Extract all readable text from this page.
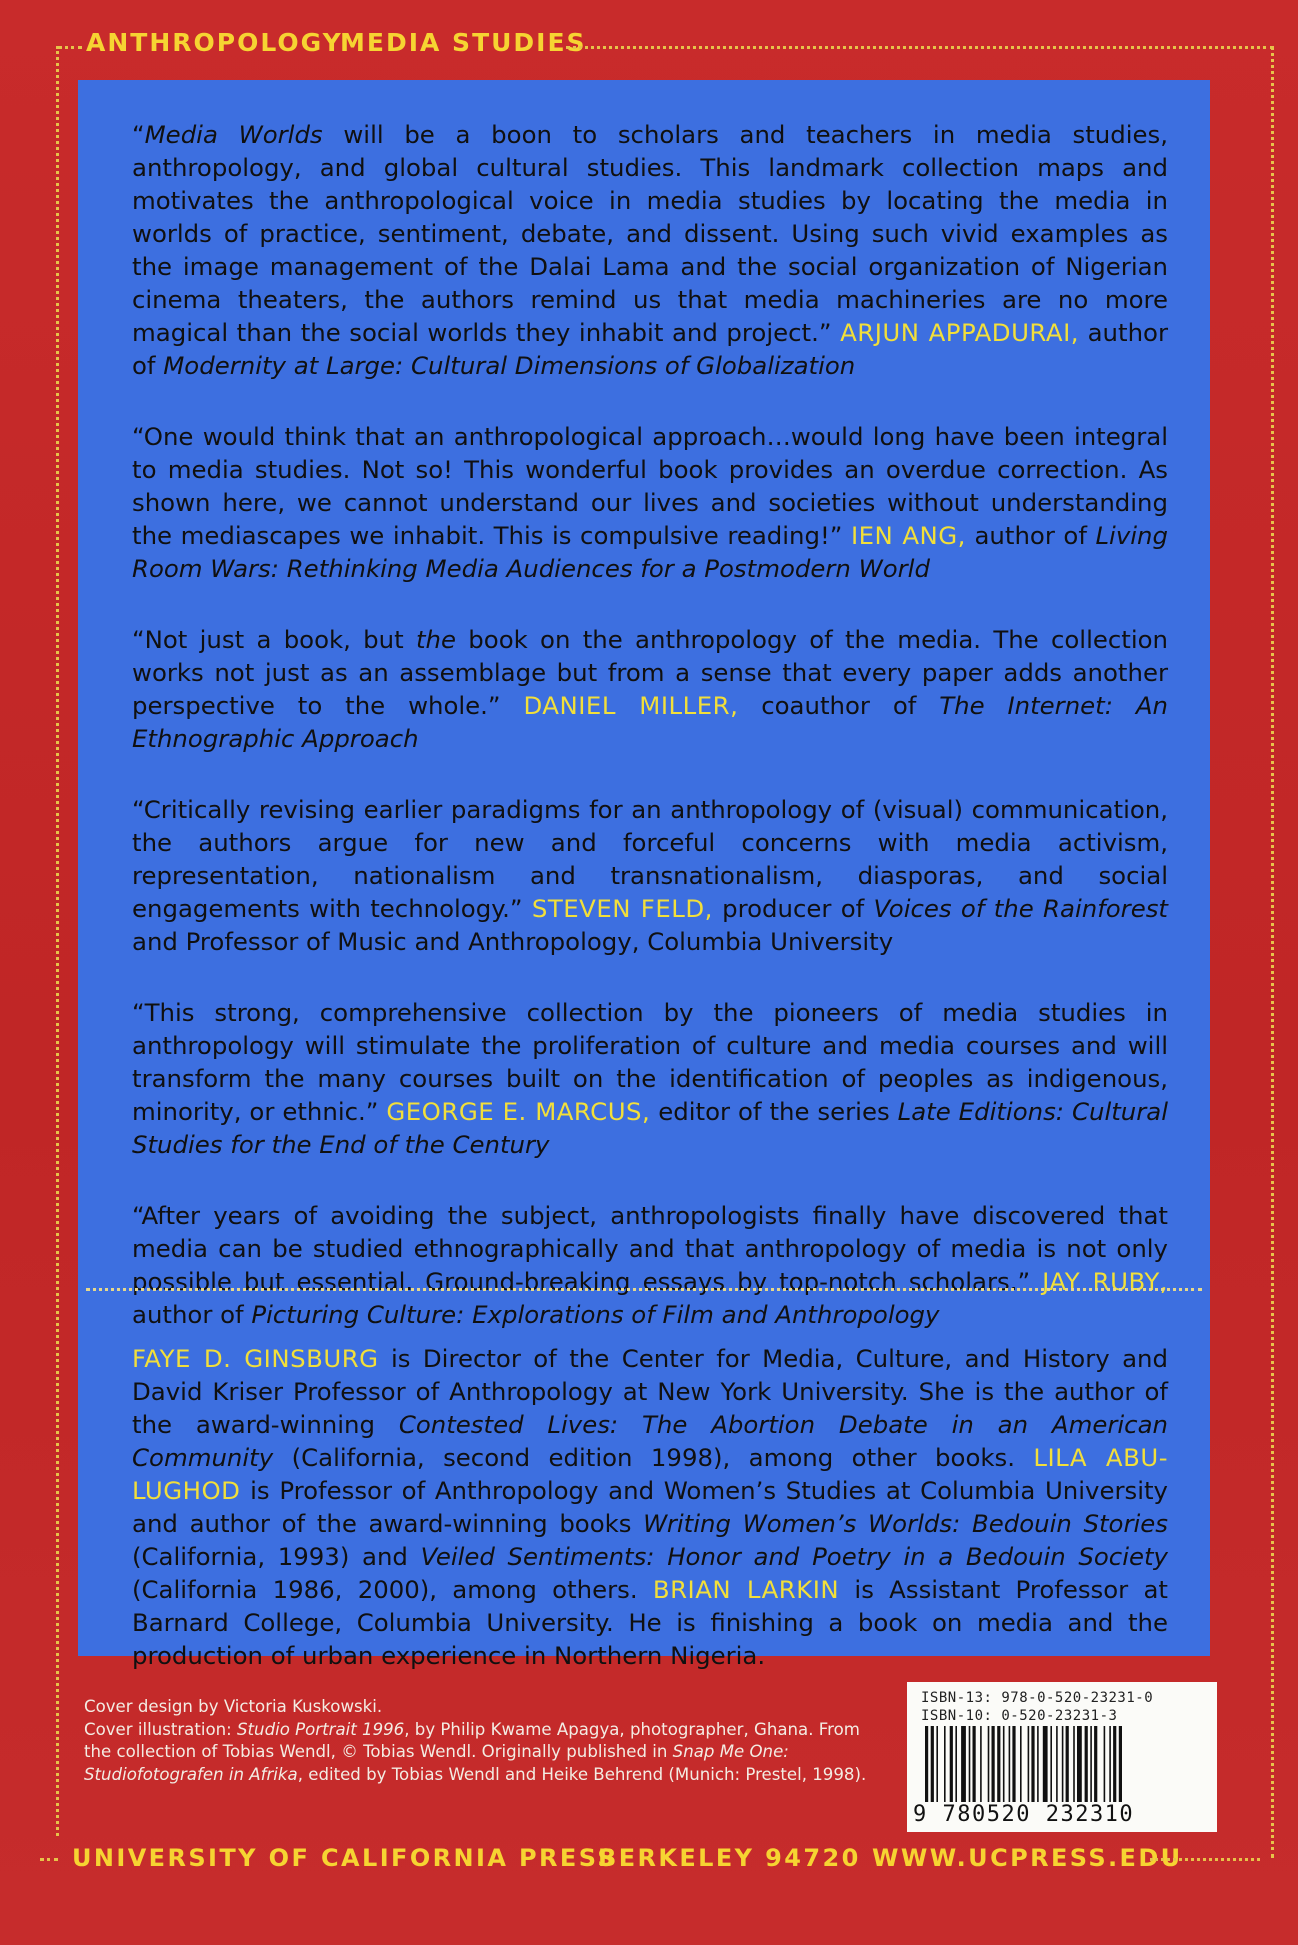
ANTHROPOLOGY
MEDIA STUDIES

“Media Worlds will be a boon to scholars and teachers in media studies, anthropology, and global cultural studies. This landmark collection maps and motivates the anthropological voice in media studies by locating the media in worlds of practice, sentiment, debate, and dissent. Using such vivid examples as the image management of the Dalai Lama and the social organization of Nigerian cinema theaters, the authors remind us that media machineries are no more magical than the social worlds they inhabit and project.” ARJUN APPADURAI, author of Modernity at Large: Cultural Dimensions of Globalization

“One would think that an anthropological approach…would long have been integral to media studies. Not so! This wonderful book provides an overdue correction. As shown here, we cannot understand our lives and societies without understanding the mediascapes we inhabit. This is compulsive reading!” IEN ANG, author of Living Room Wars: Rethinking Media Audiences for a Postmodern World

“Not just a book, but the book on the anthropology of the media. The collection works not just as an assemblage but from a sense that every paper adds another perspective to the whole.” DANIEL MILLER, coauthor of The Internet: An Ethnographic Approach

“Critically revising earlier paradigms for an anthropology of (visual) communication, the authors argue for new and forceful concerns with media activism, representation, nationalism and transnationalism, diasporas, and social engagements with technology.” STEVEN FELD, producer of Voices of the Rainforest and Professor of Music and Anthropology, Columbia University

“This strong, comprehensive collection by the pioneers of media studies in anthropology will stimulate the proliferation of culture and media courses and will transform the many courses built on the identification of peoples as indigenous, minority, or ethnic.” GEORGE E. MARCUS, editor of the series Late Editions: Cultural Studies for the End of the Century

“After years of avoiding the subject, anthropologists finally have discovered that media can be studied ethnographically and that anthropology of media is not only possible but essential. Ground-breaking essays by top-notch scholars.” JAY RUBY, author of Picturing Culture: Explorations of Film and Anthropology

FAYE D. GINSBURG is Director of the Center for Media, Culture, and History and David Kriser Professor of Anthropology at New York University. She is the author of the award-winning Contested Lives: The Abortion Debate in an American Community (California, second edition 1998), among other books. LILA ABU-LUGHOD is Professor of Anthropology and Women’s Studies at Columbia University and author of the award-winning books Writing Women’s Worlds: Bedouin Stories (California, 1993) and Veiled Sentiments: Honor and Poetry in a Bedouin Society (California 1986, 2000), among others. BRIAN LARKIN is Assistant Professor at Barnard College, Columbia University. He is finishing a book on media and the production of urban experience in Northern Nigeria.

Cover design by Victoria Kuskowski.
Cover illustration: Studio Portrait 1996, by Philip Kwame Apagya, photographer, Ghana. From the collection of Tobias Wendl, © Tobias Wendl. Originally published in Snap Me One: Studiofotografen in Afrika, edited by Tobias Wendl and Heike Behrend (Munich: Prestel, 1998).
ISBN-13: 978-0-520-23231-0
ISBN-10: 0-520-23231-3
9 780520 232310
UNIVERSITY OF CALIFORNIA PRESS
BERKELEY 94720 WWW.UCPRESS.EDU
